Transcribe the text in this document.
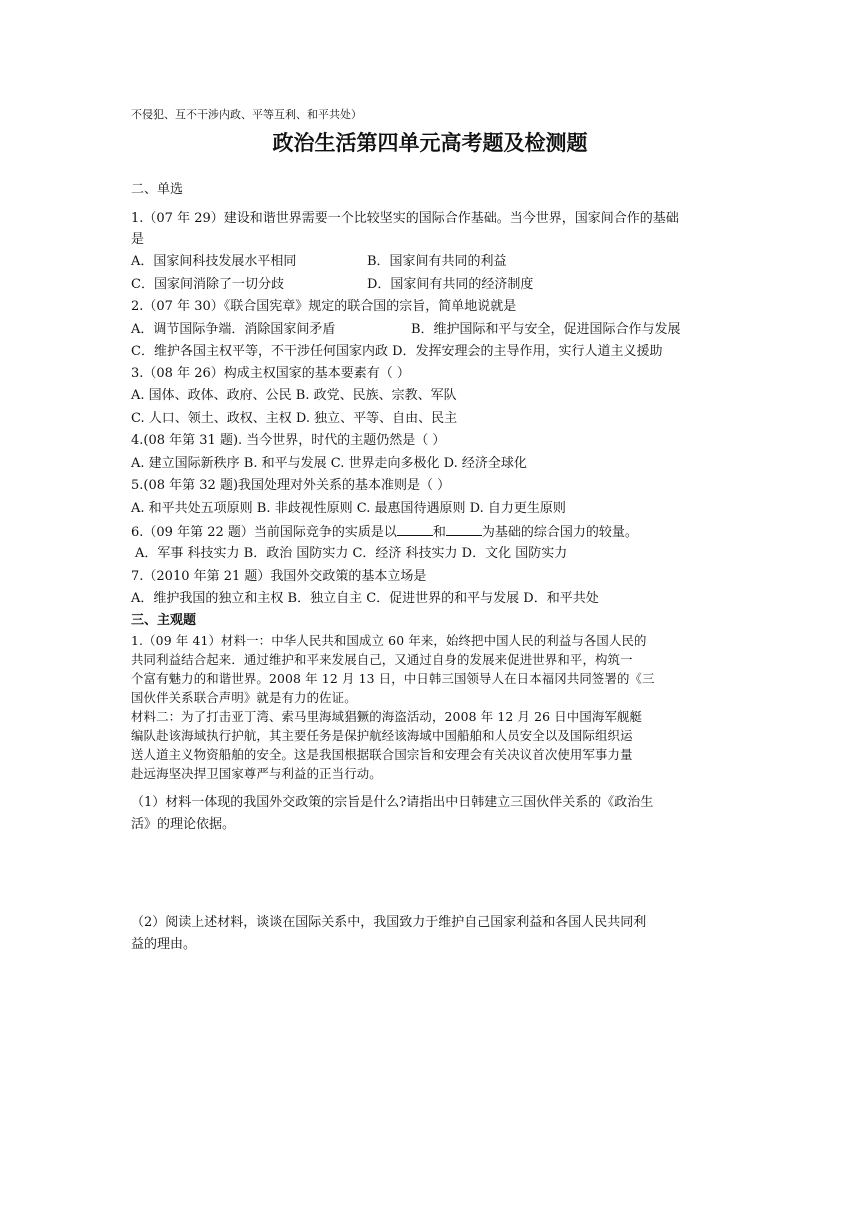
不侵犯、互不干涉内政、平等互利、和平共处）
政治生活第四单元高考题及检测题
二、单选
1.（07 年 29）建设和谐世界需要一个比较坚实的国际合作基础。当今世界，国家间合作的基础
是
A．国家间科技发展水平相同	B．国家间有共同的利益
C．国家间消除了一切分歧	D．国家间有共同的经济制度
2.（07 年 30）《联合国宪章》规定的联合国的宗旨，简单地说就是
A．调节国际争端．消除国家间矛盾	B．维护国际和平与安全，促进国际合作与发展
C．维护各国主权平等，不干涉任何国家内政 D．发挥安理会的主导作用，实行人道主义援助
3.（08 年 26）构成主权国家的基本要素有（ ）
A. 国体、政体、政府、公民 B. 政党、民族、宗教、军队
C. 人口、领土、政权、主权 D. 独立、平等、自由、民主
4.(08 年第 31 题). 当今世界，时代的主题仍然是（ ）
A. 建立国际新秩序 B. 和平与发展 C. 世界走向多极化 D. 经济全球化
5.(08 年第 32 题)我国处理对外关系的基本准则是（ ）
A. 和平共处五项原则 B. 非歧视性原则 C. 最惠国待遇原则 D. 自力更生原则
6.（09 年第 22 题）当前国际竞争的实质是以	和	为基础的综合国力的较量。
A．军事 科技实力 B．政治 国防实力 C．经济 科技实力 D．文化 国防实力
7.（2010 年第 21 题）我国外交政策的基本立场是
A．维护我国的独立和主权 B．独立自主 C．促进世界的和平与发展 D．和平共处
三、主观题
1.（09 年 41）材料一：中华人民共和国成立 60 年来，始终把中国人民的利益与各国人民的
共同利益结合起来．通过维护和平来发展自己，又通过自身的发展来促进世界和平，构筑一
个富有魅力的和谐世界。2008 年 12 月 13 日，中日韩三国领导人在日本福冈共同签署的《三
国伙伴关系联合声明》就是有力的佐证。
材料二：为了打击亚丁湾、索马里海域猖獗的海盗活动，2008 年 12 月 26 日中国海军舰艇
编队赴该海域执行护航，其主要任务是保护航经该海域中国船舶和人员安全以及国际组织运
送人道主义物资船舶的安全。这是我国根据联合国宗旨和安理会有关决议首次使用军事力量
赴远海坚决捍卫国家尊严与利益的正当行动。
（1）材料一体现的我国外交政策的宗旨是什么?请指出中日韩建立三国伙伴关系的《政治生
活》的理论依据。
（2）阅读上述材料，谈谈在国际关系中，我国致力于维护自己国家利益和各国人民共同利
益的理由。
